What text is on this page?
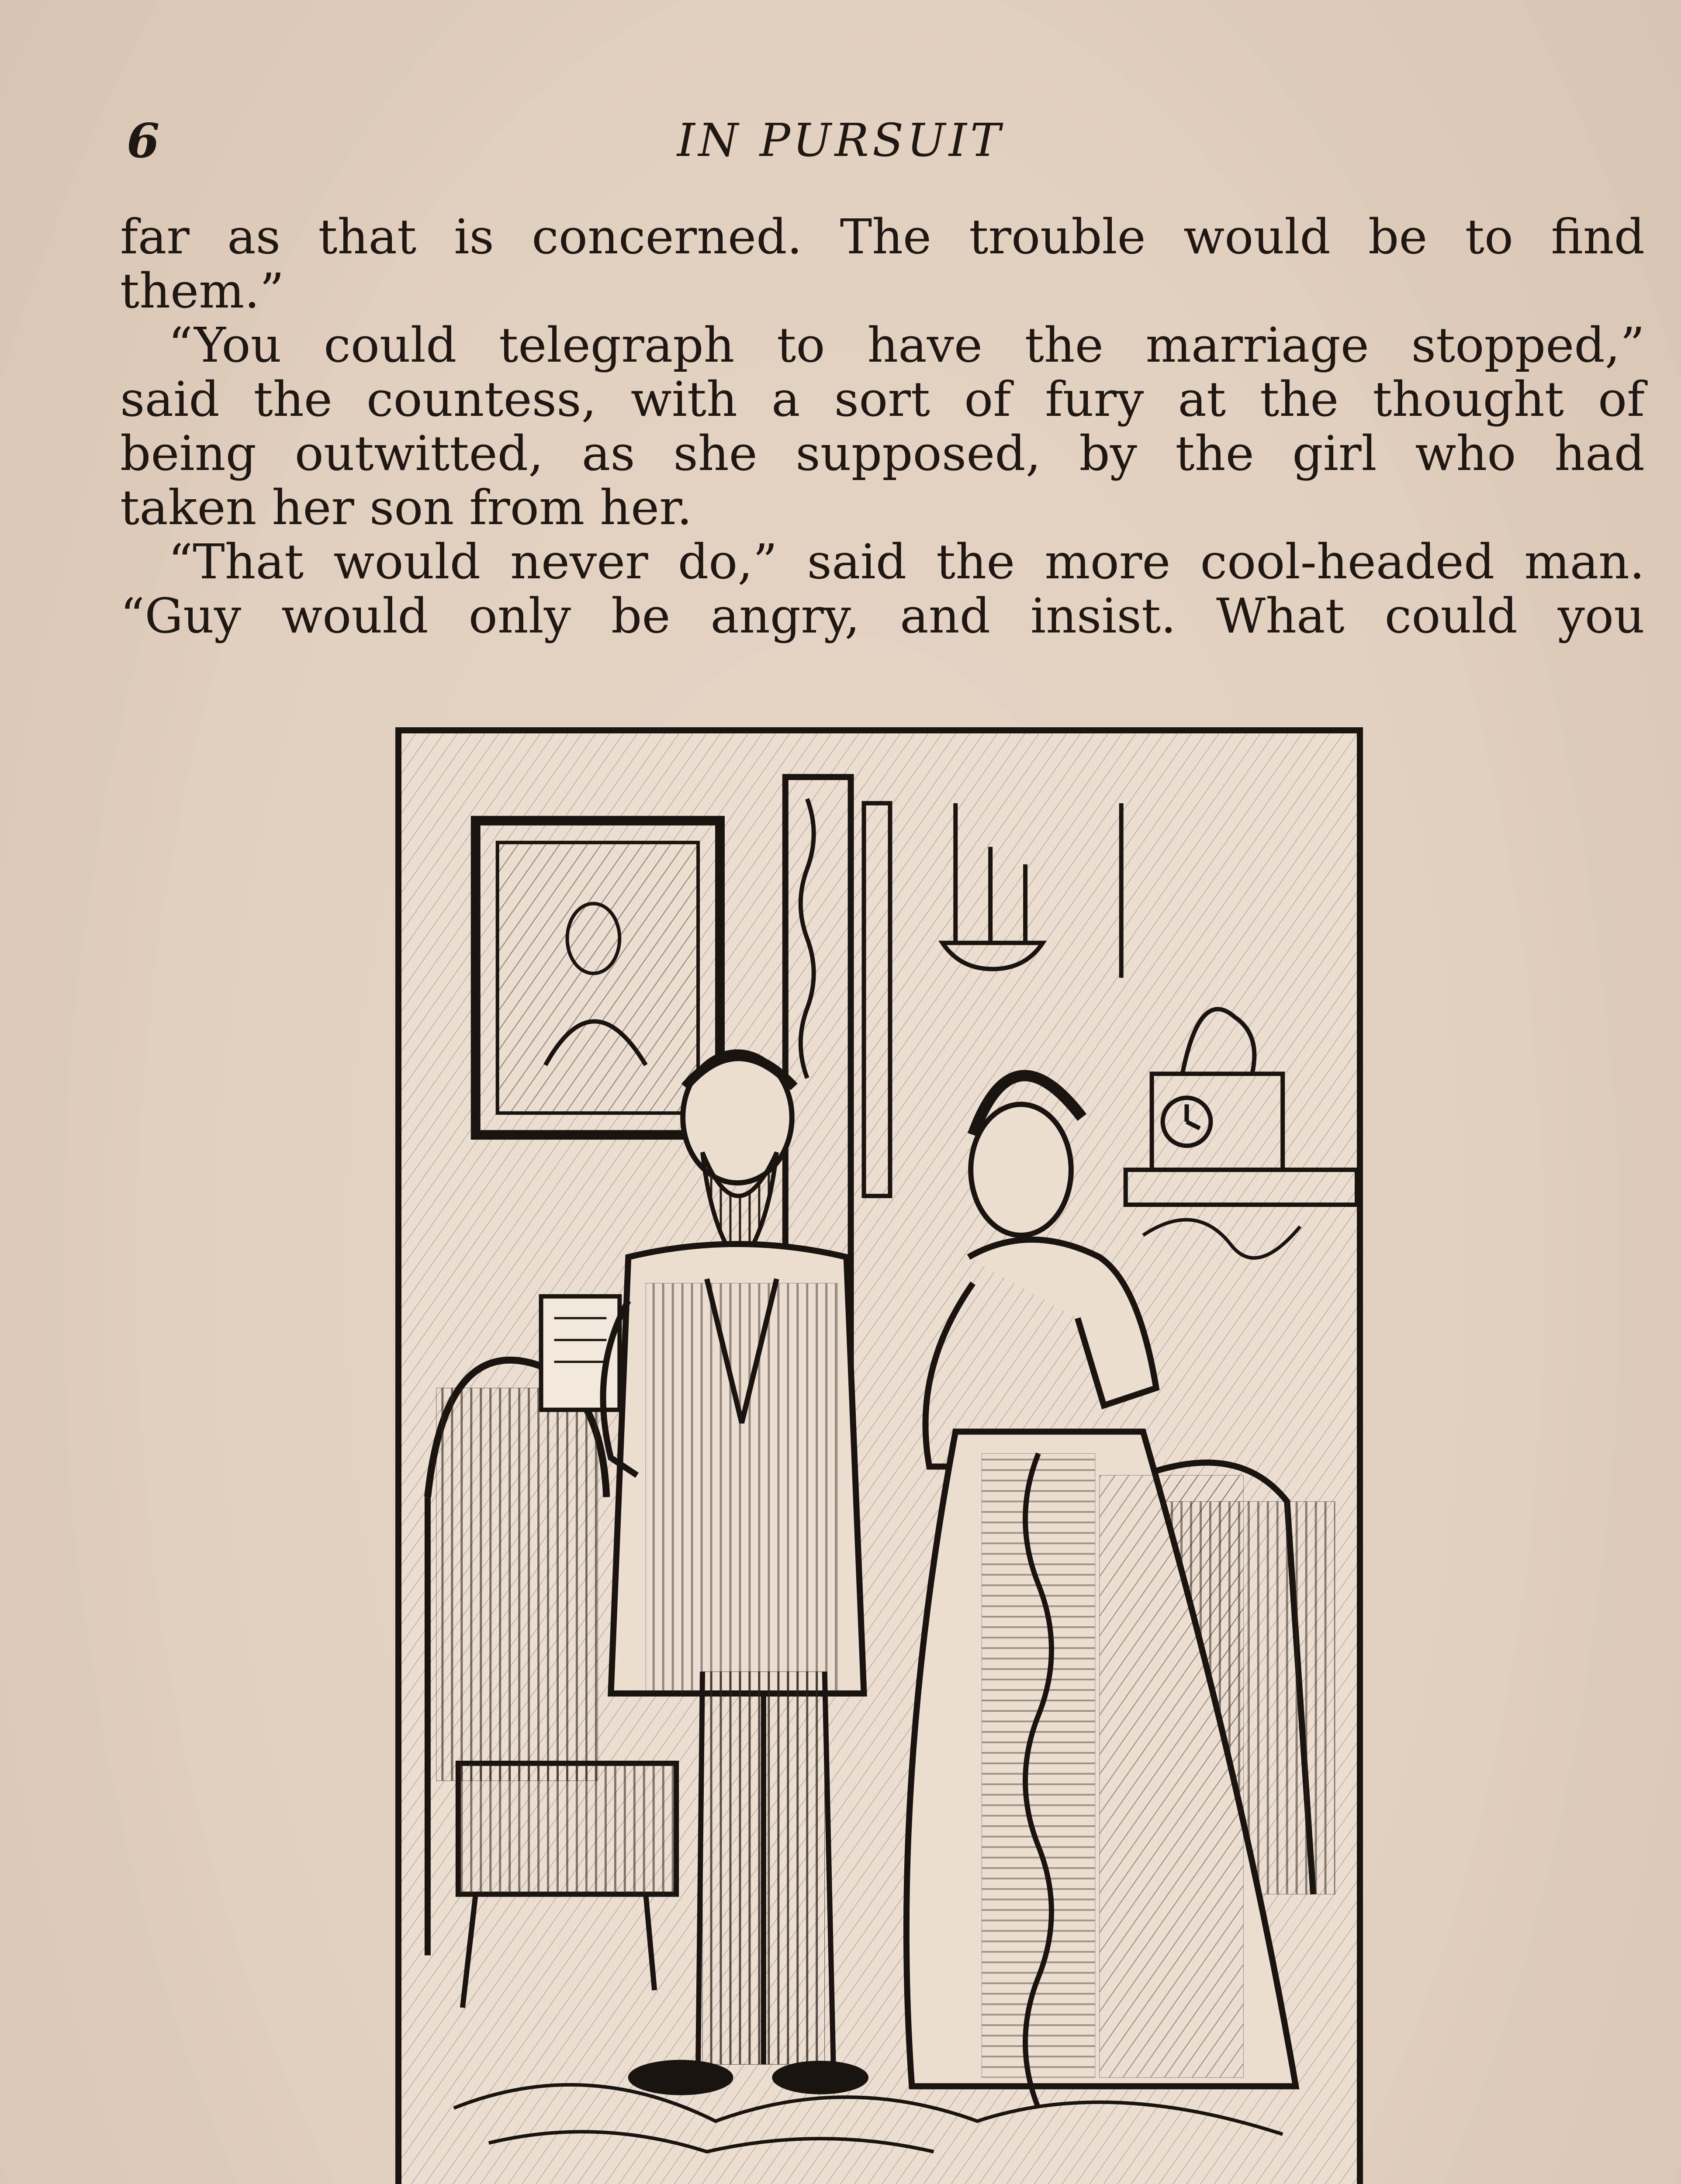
6	IN PURSUIT
far as that is concerned. The trouble would be to find
them.”
“You could telegraph to have the marriage stopped,”
said the countess, with a sort of fury at the thought of
being outwitted, as she supposed, by the girl who had
taken her son from her.
“That would never do,” said the more cool-headed man.
“Guy would only be angry, and insist. What could you
